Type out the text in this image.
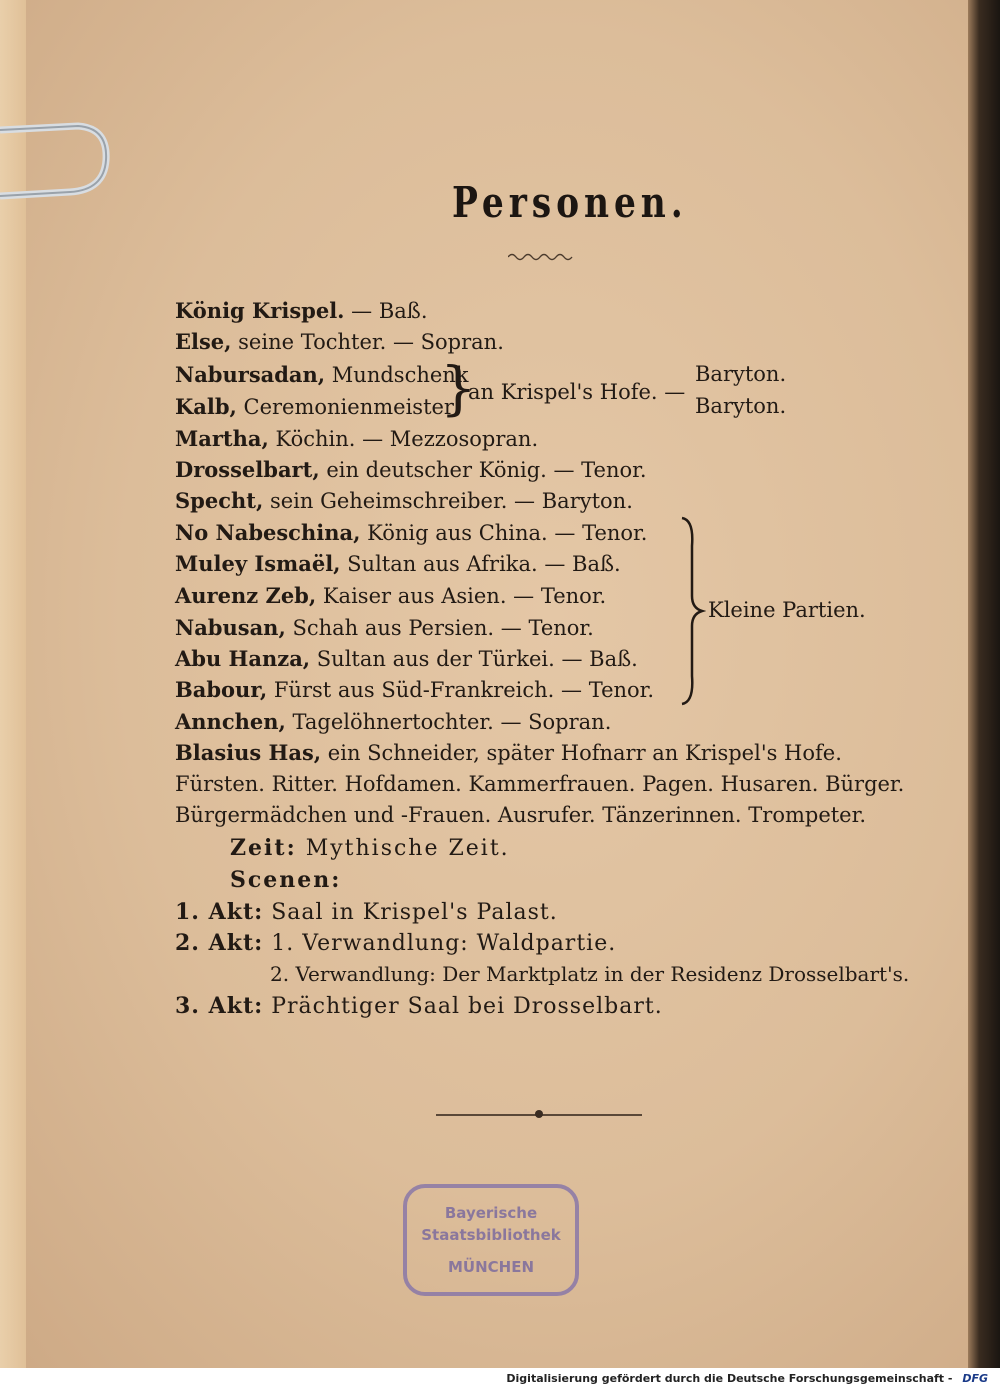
Personen.
König Krispel. — Baß.
Else, seine Tochter. — Sopran.
Nabursadan, Mundschenk
Kalb, Ceremonienmeister
}
an Krispel's Hofe. —
Baryton.
Baryton.
Martha, Köchin. — Mezzosopran.
Drosselbart, ein deutscher König. — Tenor.
Specht, sein Geheimschreiber. — Baryton.
No Nabeschina, König aus China. — Tenor.
Muley Ismaël, Sultan aus Afrika. — Baß.
Aurenz Zeb, Kaiser aus Asien. — Tenor.
Nabusan, Schah aus Persien. — Tenor.
Abu Hanza, Sultan aus der Türkei. — Baß.
Babour, Fürst aus Süd-Frankreich. — Tenor.
Kleine Partien.
Annchen, Tagelöhnertochter. — Sopran.
Blasius Has, ein Schneider, später Hofnarr an Krispel's Hofe.
Fürsten. Ritter. Hofdamen. Kammerfrauen. Pagen. Husaren. Bürger.
Bürgermädchen und -Frauen. Ausrufer. Tänzerinnen. Trompeter.
Zeit: Mythische Zeit.
Scenen:
1. Akt: Saal in Krispel's Palast.
2. Akt: 1. Verwandlung: Waldpartie.
2. Verwandlung: Der Marktplatz in der Residenz Drosselbart's.
3. Akt: Prächtiger Saal bei Drosselbart.
Bayerische
Staatsbibliothek
MÜNCHEN
Digitalisierung gefördert durch die Deutsche Forschungsgemeinschaft - DFG
